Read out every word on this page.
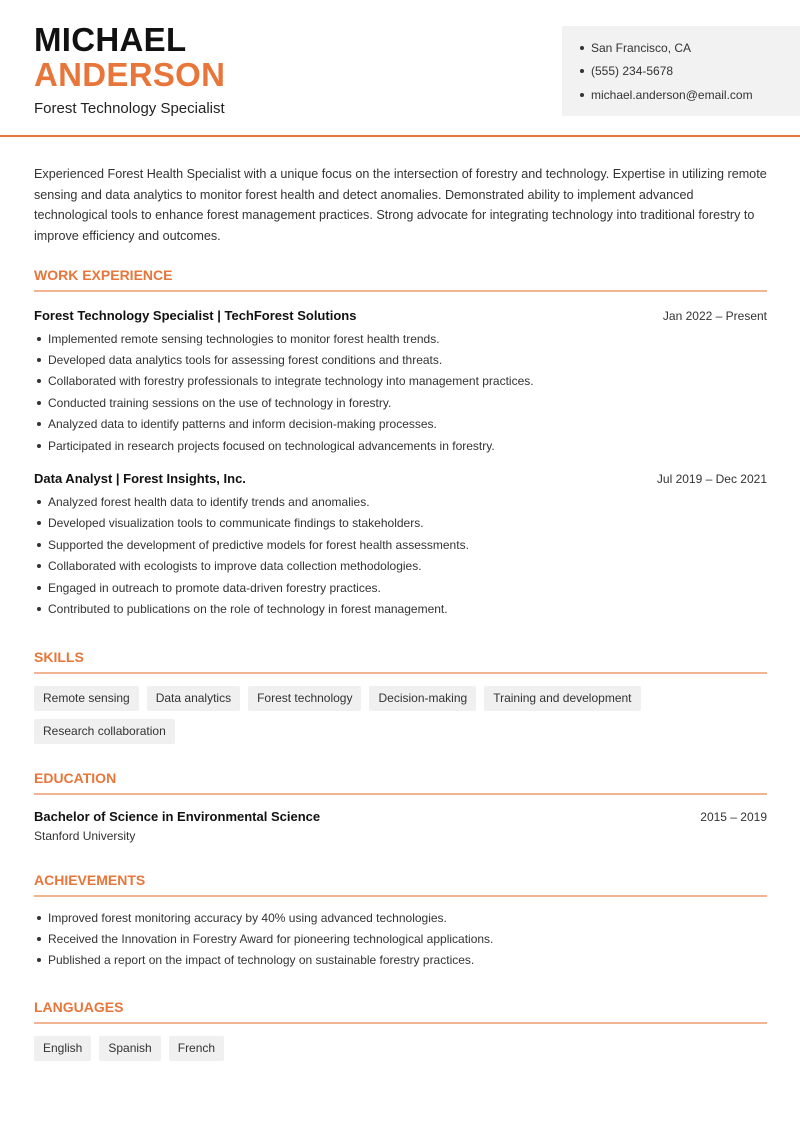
MICHAEL
ANDERSON
Forest Technology Specialist
San Francisco, CA
(555) 234-5678
michael.anderson@email.com

Experienced Forest Health Specialist with a unique focus on the intersection of forestry and technology. Expertise in utilizing remote sensing and data analytics to monitor forest health and detect anomalies. Demonstrated ability to implement advanced technological tools to enhance forest management practices. Strong advocate for integrating technology into traditional forestry to improve efficiency and outcomes.

WORK EXPERIENCE
Forest Technology Specialist | TechForest Solutions	Jan 2022 – Present
Implemented remote sensing technologies to monitor forest health trends.
Developed data analytics tools for assessing forest conditions and threats.
Collaborated with forestry professionals to integrate technology into management practices.
Conducted training sessions on the use of technology in forestry.
Analyzed data to identify patterns and inform decision-making processes.
Participated in research projects focused on technological advancements in forestry.
Data Analyst | Forest Insights, Inc.	Jul 2019 – Dec 2021
Analyzed forest health data to identify trends and anomalies.
Developed visualization tools to communicate findings to stakeholders.
Supported the development of predictive models for forest health assessments.
Collaborated with ecologists to improve data collection methodologies.
Engaged in outreach to promote data-driven forestry practices.
Contributed to publications on the role of technology in forest management.
SKILLS
Remote sensing	Data analytics	Forest technology	Decision-making	Training and development
Research collaboration
EDUCATION
Bachelor of Science in Environmental Science	2015 – 2019
Stanford University
ACHIEVEMENTS
Improved forest monitoring accuracy by 40% using advanced technologies.
Received the Innovation in Forestry Award for pioneering technological applications.
Published a report on the impact of technology on sustainable forestry practices.
LANGUAGES
English	Spanish	French
